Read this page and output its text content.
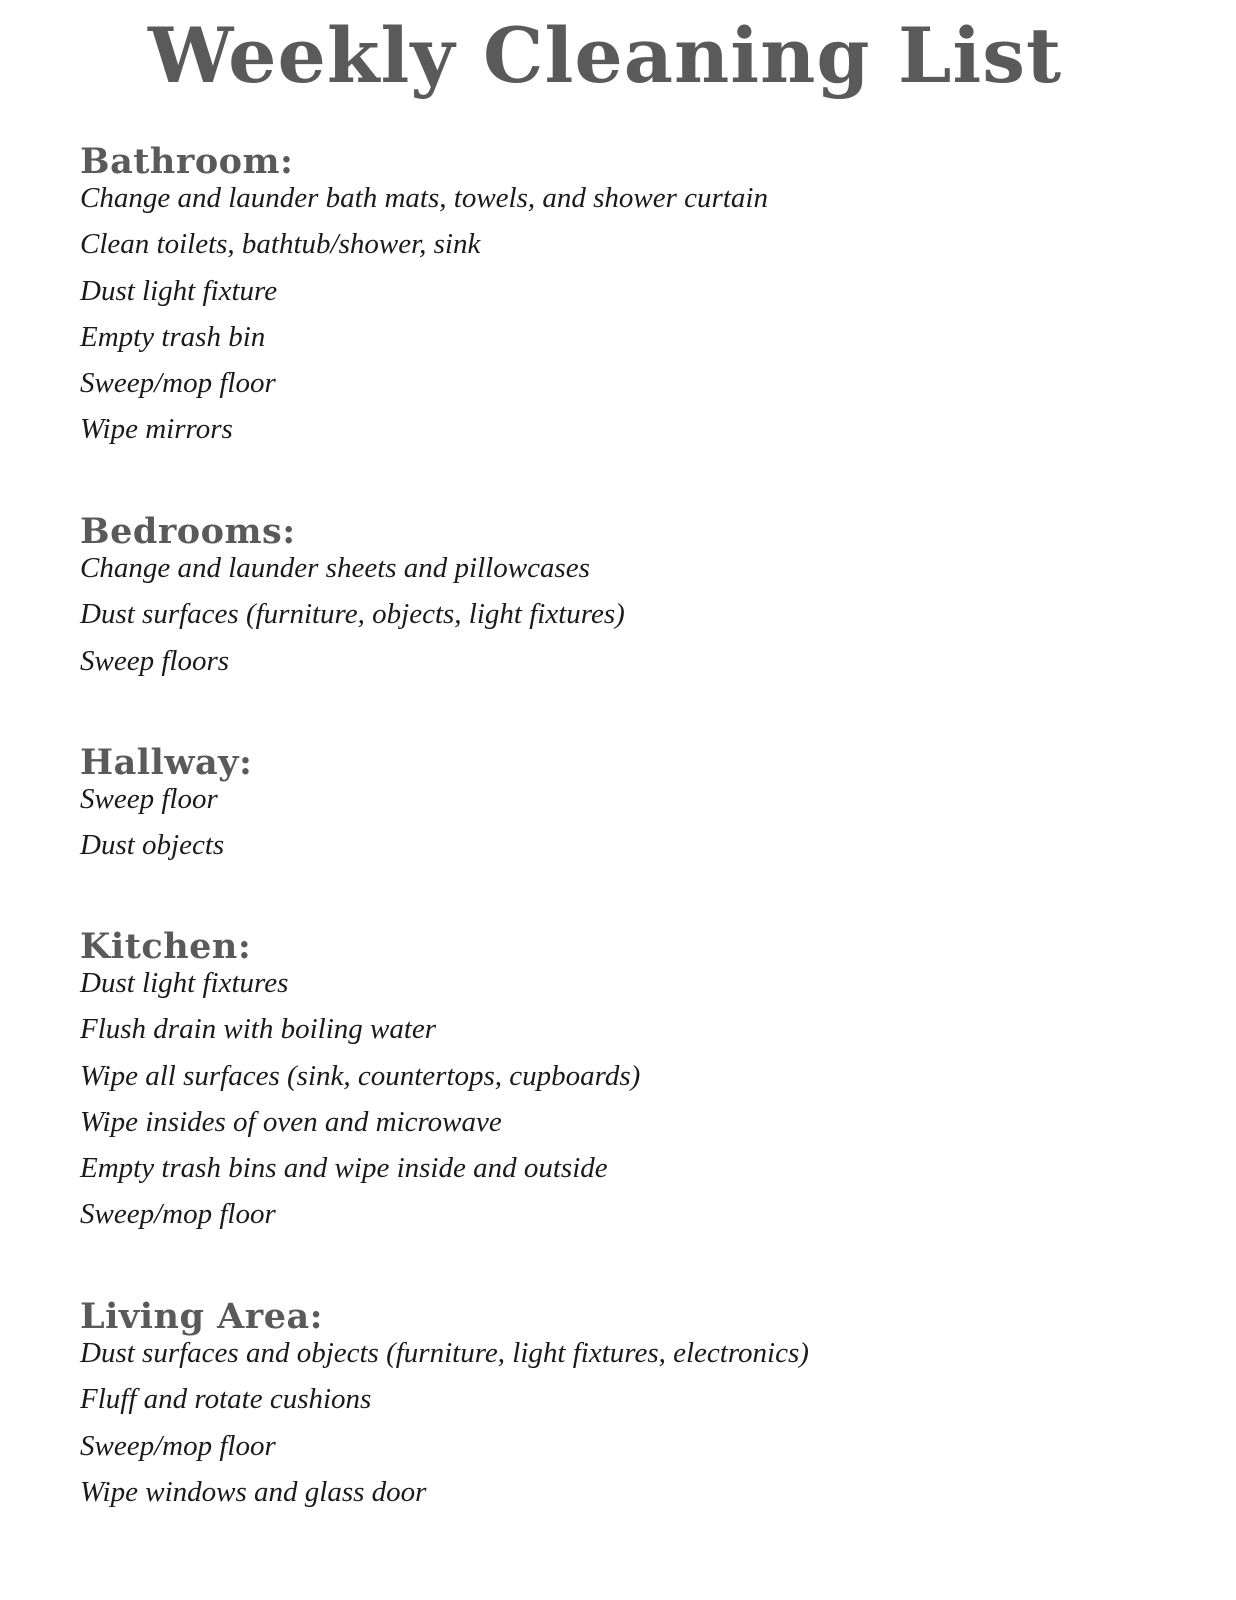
Weekly Cleaning List
Bathroom:
Change and launder bath mats, towels, and shower curtain
Clean toilets, bathtub/shower, sink
Dust light fixture
Empty trash bin
Sweep/mop floor
Wipe mirrors
Bedrooms:
Change and launder sheets and pillowcases
Dust surfaces (furniture, objects, light fixtures)
Sweep floors
Hallway:
Sweep floor
Dust objects
Kitchen:
Dust light fixtures
Flush drain with boiling water
Wipe all surfaces (sink, countertops, cupboards)
Wipe insides of oven and microwave
Empty trash bins and wipe inside and outside
Sweep/mop floor
Living Area:
Dust surfaces and objects (furniture, light fixtures, electronics)
Fluff and rotate cushions
Sweep/mop floor
Wipe windows and glass door
